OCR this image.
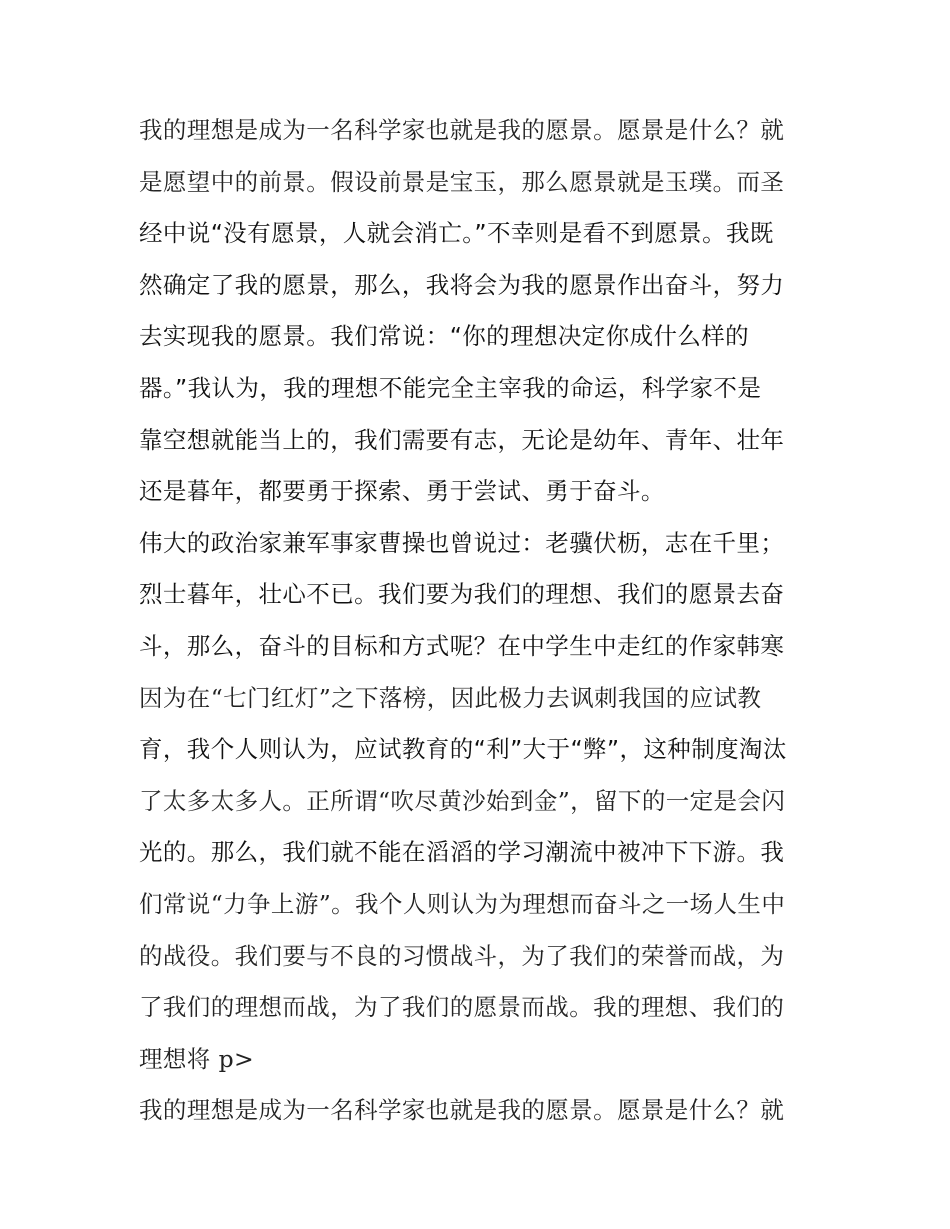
我的理想是成为一名科学家也就是我的愿景。愿景是什么？就
是愿望中的前景。假设前景是宝玉，那么愿景就是玉璞。而圣
经中说“没有愿景，人就会消亡。”不幸则是看不到愿景。我既
然确定了我的愿景，那么，我将会为我的愿景作出奋斗，努力
去实现我的愿景。我们常说：“你的理想决定你成什么样的
器。”我认为，我的理想不能完全主宰我的命运，科学家不是
靠空想就能当上的，我们需要有志，无论是幼年、青年、壮年
还是暮年，都要勇于探索、勇于尝试、勇于奋斗。
伟大的政治家兼军事家曹操也曾说过：老骥伏枥，志在千里；
烈士暮年，壮心不已。我们要为我们的理想、我们的愿景去奋
斗，那么，奋斗的目标和方式呢？在中学生中走红的作家韩寒
因为在“七门红灯”之下落榜，因此极力去讽刺我国的应试教
育，我个人则认为，应试教育的“利”大于“弊”，这种制度淘汰
了太多太多人。正所谓“吹尽黄沙始到金”，留下的一定是会闪
光的。那么，我们就不能在滔滔的学习潮流中被冲下下游。我
们常说“力争上游”。我个人则认为为理想而奋斗之一场人生中
的战役。我们要与不良的习惯战斗，为了我们的荣誉而战，为
了我们的理想而战，为了我们的愿景而战。我的理想、我们的
理想将 p>
我的理想是成为一名科学家也就是我的愿景。愿景是什么？就
